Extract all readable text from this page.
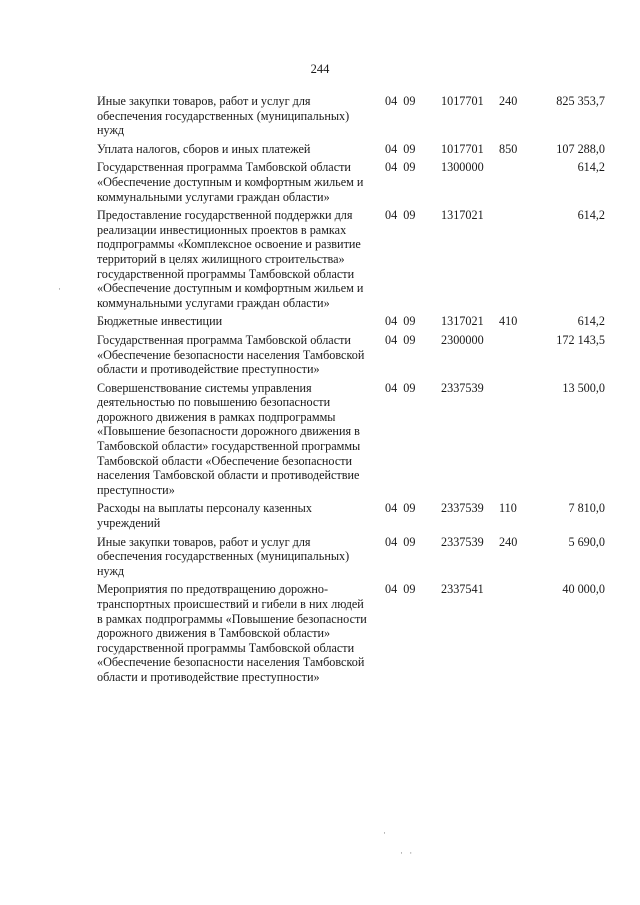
244
Иные закупки товаров, работ и услуг для обеспечения государственных (муниципальных) нужд	04  09	1017701	240	825 353,7
Уплата налогов, сборов и иных платежей	04  09	1017701	850	107 288,0
Государственная программа Тамбовской области «Обеспечение доступным и комфортным жильем и коммунальными услугами граждан области»	04  09	1300000		614,2
Предоставление государственной поддержки для реализации инвестиционных проектов в рамках подпрограммы «Комплексное освоение и развитие территорий в целях жилищного строительства» государственной программы Тамбовской области «Обеспечение доступным и комфортным жильем и коммунальными услугами граждан области»	04  09	1317021		614,2
Бюджетные инвестиции	04  09	1317021	410	614,2
Государственная программа Тамбовской области «Обеспечение безопасности населения Тамбовской области и противодействие преступности»	04  09	2300000		172 143,5
Совершенствование системы управления деятельностью по повышению безопасности дорожного движения в рамках подпрограммы «Повышение безопасности дорожного движения в Тамбовской области» государственной программы Тамбовской области «Обеспечение безопасности населения Тамбовской области и противодействие преступности»	04  09	2337539		13 500,0
Расходы на выплаты персоналу казенных учреждений	04  09	2337539	110	7 810,0
Иные закупки товаров, работ и услуг для обеспечения государственных (муниципальных) нужд	04  09	2337539	240	5 690,0
Мероприятия по предотвращению дорожно-транспортных происшествий и гибели в них людей в рамках подпрограммы «Повышение безопасности дорожного движения в Тамбовской области» государственной программы Тамбовской области «Обеспечение безопасности населения Тамбовской области и противодействие преступности»	04  09	2337541		40 000,0
·
·
· ·
